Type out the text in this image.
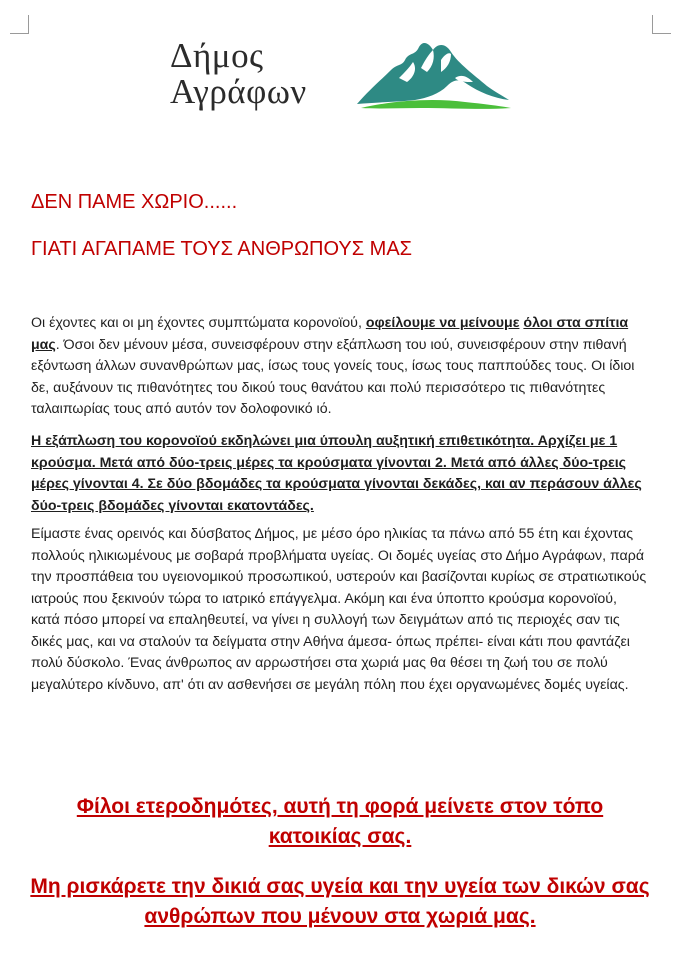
Δήμος
Αγράφων
ΔΕΝ ΠΑΜΕ ΧΩΡΙΟ......
ΓΙΑΤΙ ΑΓΑΠΑΜΕ ΤΟΥΣ ΑΝΘΡΩΠΟΥΣ ΜΑΣ

Οι έχοντες και οι μη έχοντες συμπτώματα κορονοϊού, οφείλουμε να μείνουμε όλοι στα σπίτια μας. Όσοι δεν μένουν μέσα, συνεισφέρουν στην εξάπλωση του ιού, συνεισφέρουν στην πιθανή εξόντωση άλλων συνανθρώπων μας, ίσως τους γονείς τους, ίσως τους παππούδες τους. Οι ίδιοι δε, αυξάνουν τις πιθανότητες του δικού τους θανάτου και πολύ περισσότερο τις πιθανότητες ταλαιπωρίας τους από αυτόν τον δολοφονικό ιό.

Η εξάπλωση του κορονοϊού εκδηλώνει μια ύπουλη αυξητική επιθετικότητα. Αρχίζει με 1 κρούσμα. Μετά από δύο-τρεις μέρες τα κρούσματα γίνονται 2. Μετά από άλλες δύο-τρεις μέρες γίνονται 4. Σε δύο βδομάδες τα κρούσματα γίνονται δεκάδες, και αν περάσουν άλλες δύο-τρεις βδομάδες γίνονται εκατοντάδες.

Είμαστε ένας ορεινός και δύσβατος Δήμος, με μέσο όρο ηλικίας τα πάνω από 55 έτη και έχοντας πολλούς ηλικιωμένους με σοβαρά προβλήματα υγείας. Οι δομές υγείας στο Δήμο Αγράφων, παρά την προσπάθεια του υγειονομικού προσωπικού, υστερούν και βασίζονται κυρίως σε στρατιωτικούς ιατρούς που ξεκινούν τώρα το ιατρικό επάγγελμα. Ακόμη και ένα ύποπτο κρούσμα κορονοϊού, κατά πόσο μπορεί να επαληθευτεί, να γίνει η συλλογή των δειγμάτων από τις περιοχές σαν τις δικές μας, και να σταλούν τα δείγματα στην Αθήνα άμεσα- όπως πρέπει- είναι κάτι που φαντάζει πολύ δύσκολο. Ένας άνθρωπος αν αρρωστήσει στα χωριά μας θα θέσει τη ζωή του σε πολύ μεγαλύτερο κίνδυνο, απ' ότι αν ασθενήσει σε μεγάλη πόλη που έχει οργανωμένες δομές υγείας.

Φίλοι ετεροδημότες, αυτή τη φορά μείνετε στον τόπο κατοικίας σας.

Μη ρισκάρετε την δικιά σας υγεία και την υγεία των δικών σας ανθρώπων που μένουν στα χωριά μας.
